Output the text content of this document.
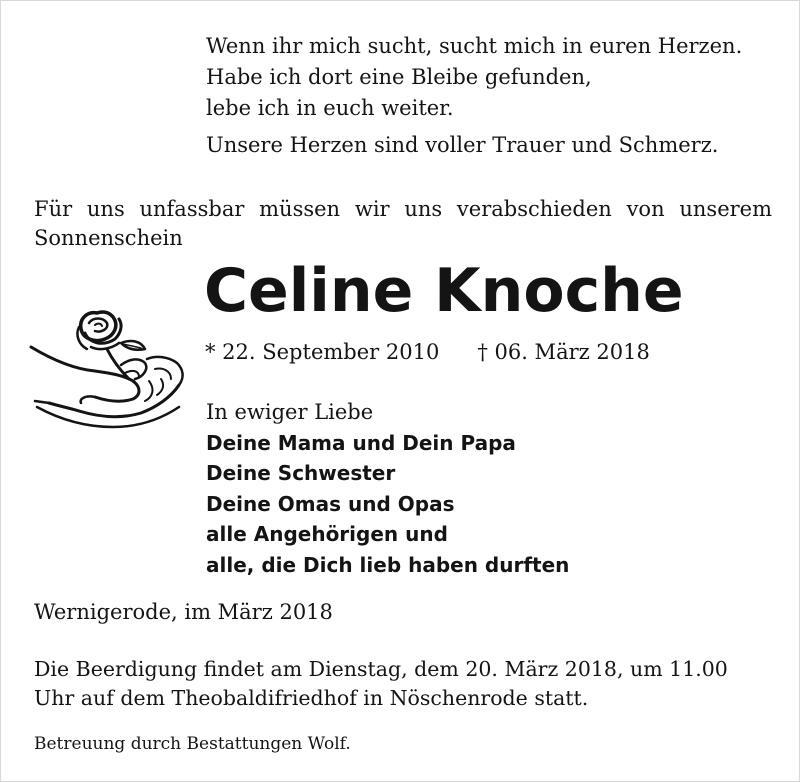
Wenn ihr mich sucht, sucht mich in euren Herzen.
Habe ich dort eine Bleibe gefunden,
lebe ich in euch weiter.
Unsere Herzen sind voller Trauer und Schmerz.
Für uns unfassbar müssen wir uns verabschieden von unserem Sonnenschein
Celine Knoche
* 22. September 2010 † 06. März 2018
In ewiger Liebe
Deine Mama und Dein Papa
Deine Schwester
Deine Omas und Opas
alle Angehörigen und
alle, die Dich lieb haben durften
Wernigerode, im März 2018
Die Beerdigung findet am Dienstag, dem 20. März 2018, um 11.00 Uhr auf dem Theobaldifriedhof in Nöschenrode statt.
Betreuung durch Bestattungen Wolf.
